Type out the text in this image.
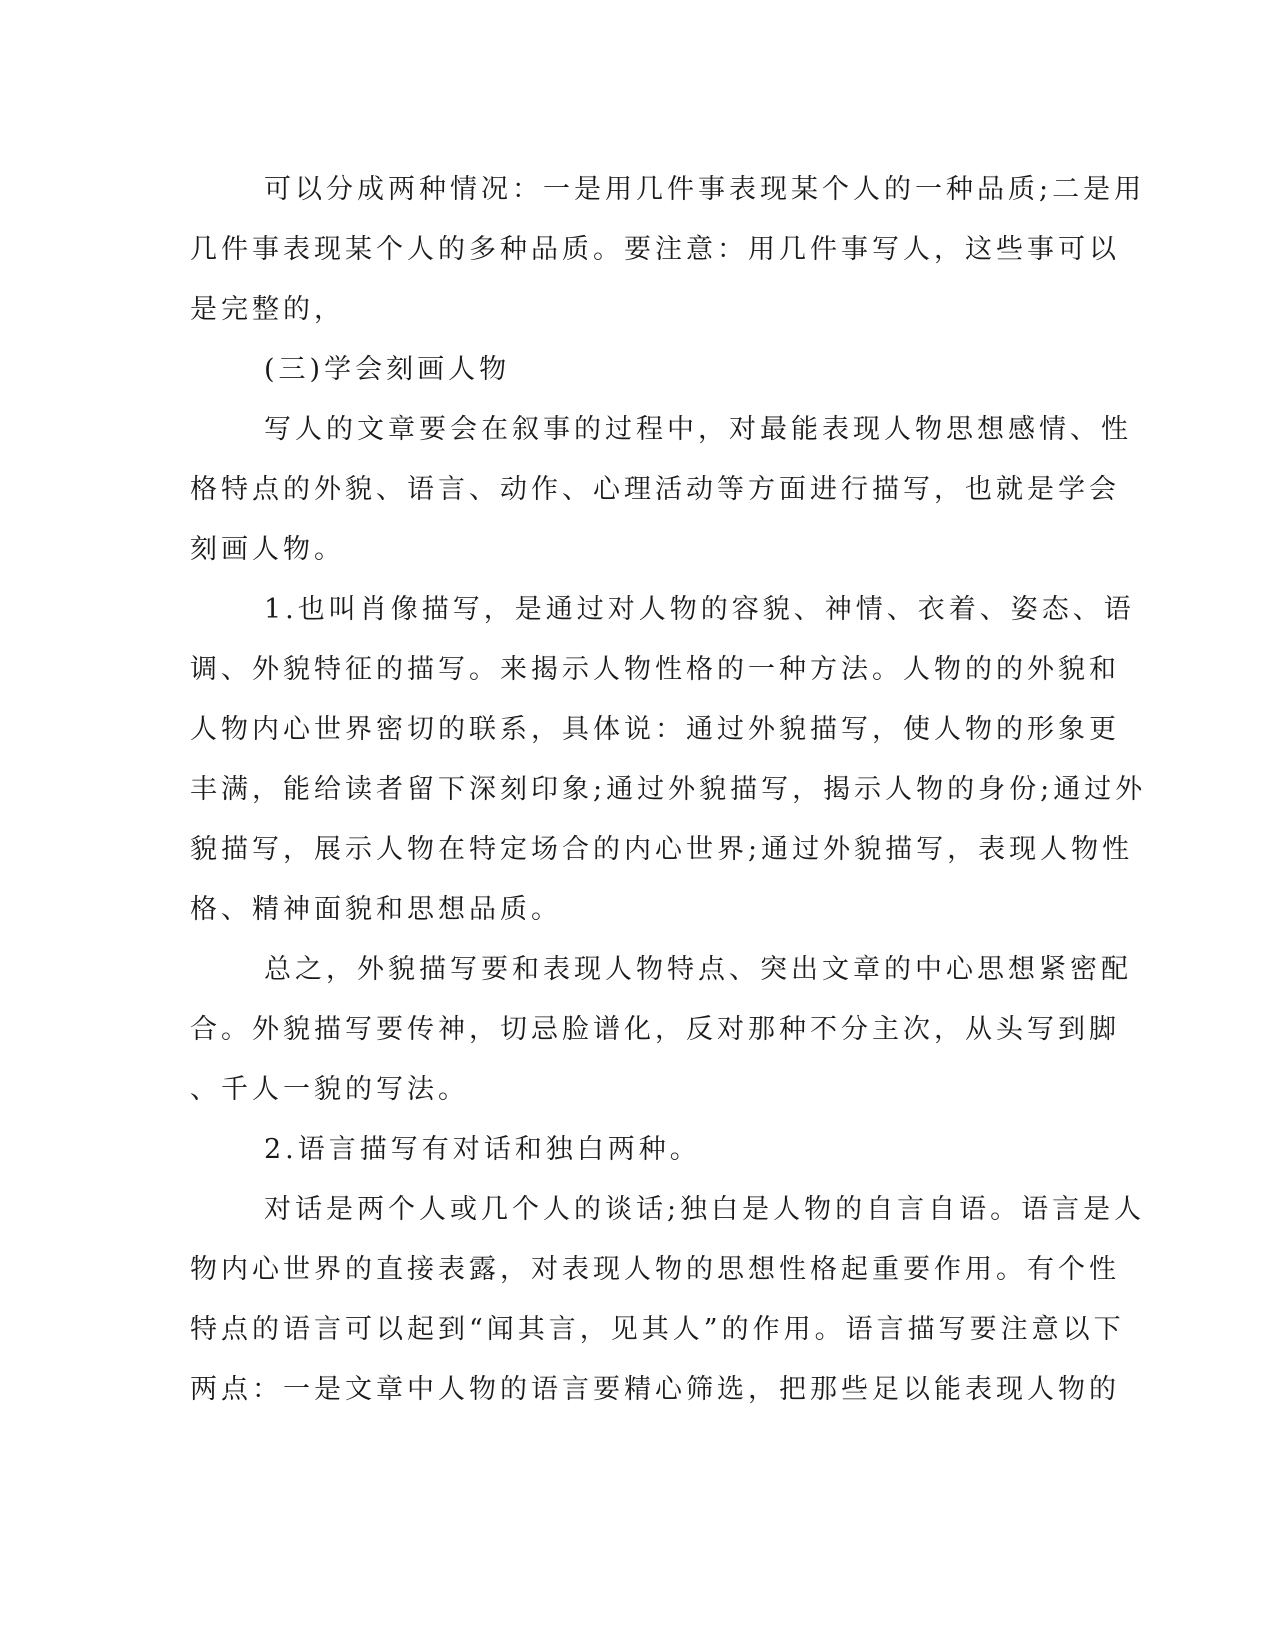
可以分成两种情况：一是用几件事表现某个人的一种品质;二是用
几件事表现某个人的多种品质。要注意：用几件事写人，这些事可以
是完整的，
(三)学会刻画人物
写人的文章要会在叙事的过程中，对最能表现人物思想感情、性
格特点的外貌、语言、动作、心理活动等方面进行描写，也就是学会
刻画人物。
1.也叫肖像描写，是通过对人物的容貌、神情、衣着、姿态、语
调、外貌特征的描写。来揭示人物性格的一种方法。人物的的外貌和
人物内心世界密切的联系，具体说：通过外貌描写，使人物的形象更
丰满，能给读者留下深刻印象;通过外貌描写，揭示人物的身份;通过外
貌描写，展示人物在特定场合的内心世界;通过外貌描写，表现人物性
格、精神面貌和思想品质。
总之，外貌描写要和表现人物特点、突出文章的中心思想紧密配
合。外貌描写要传神，切忌脸谱化，反对那种不分主次，从头写到脚
、千人一貌的写法。
2.语言描写有对话和独白两种。
对话是两个人或几个人的谈话;独白是人物的自言自语。语言是人
物内心世界的直接表露，对表现人物的思想性格起重要作用。有个性
特点的语言可以起到“闻其言，见其人”的作用。语言描写要注意以下
两点：一是文章中人物的语言要精心筛选，把那些足以能表现人物的
